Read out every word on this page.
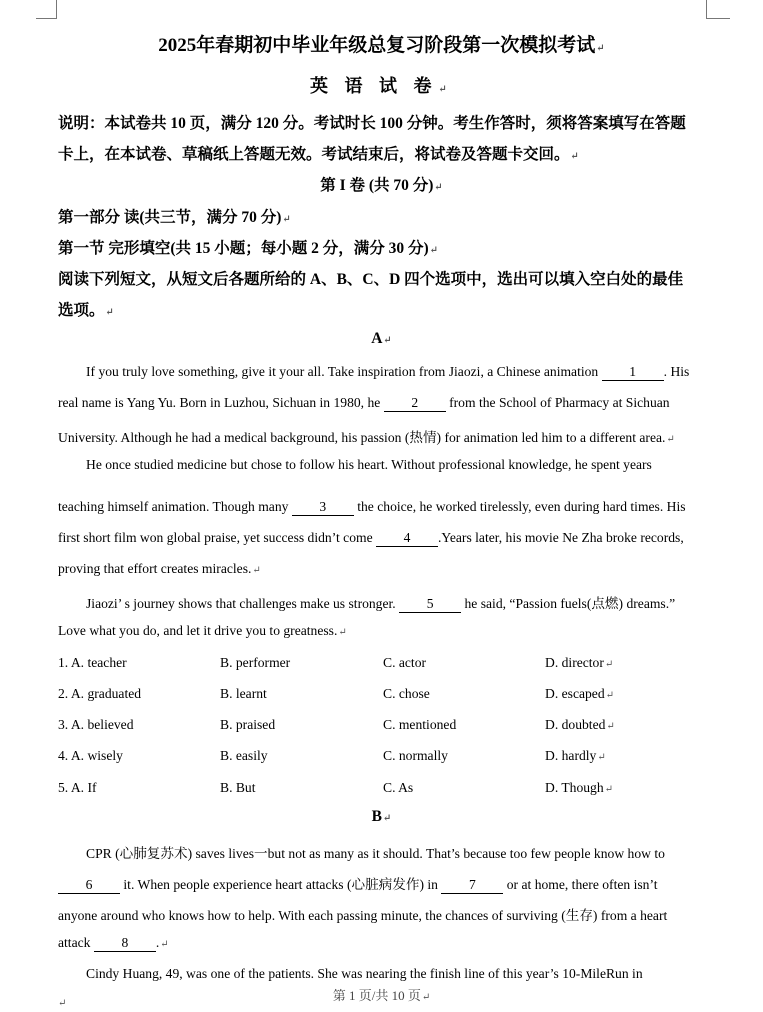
2025年春期初中毕业年级总复习阶段第一次模拟考试↵
英 语 试 卷↵
说明：本试卷共 10 页，满分 120 分。考试时长 100 分钟。考生作答时，须将答案填写在答题
卡上，在本试卷、草稿纸上答题无效。考试结束后，将试卷及答题卡交回。↵
第 I 卷 (共 70 分)↵
第一部分 读(共三节，满分 70 分)↵
第一节 完形填空(共 15 小题；每小题 2 分，满分 30 分)↵
阅读下列短文，从短文后各题所给的 A、B、C、D 四个选项中，选出可以填入空白处的最佳
选项。↵
A↵
If you truly love something, give it your all. Take inspiration from Jiaozi, a Chinese animation 1 . His
real name is Yang Yu. Born in Luzhou, Sichuan in 1980, he 2 from the School of Pharmacy at Sichuan
University. Although he had a medical background, his passion (热情) for animation led him to a different area.↵
He once studied medicine but chose to follow his heart. Without professional knowledge, he spent years
teaching himself animation. Though many 3 the choice, he worked tirelessly, even during hard times. His
first short film won global praise, yet success didn’t come 4 .Years later, his movie Ne Zha broke records,
proving that effort creates miracles.↵
Jiaozi’ s journey shows that challenges make us stronger. 5 he said, “Passion fuels(点燃) dreams.”
Love what you do, and let it drive you to greatness.↵
1. A. teacher	B. performer	C. actor	D. director↵
2. A. graduated	B. learnt	C. chose	D. escaped↵
3. A. believed	B. praised	C. mentioned	D. doubted↵
4. A. wisely	B. easily	C. normally	D. hardly↵
5. A. If	B. But	C. As	D. Though↵
B↵
CPR (心肺复苏术) saves lives一but not as many as it should. That’s because too few people know how to
6 it. When people experience heart attacks (心脏病发作) in 7 or at home, there often isn’t
anyone around who knows how to help. With each passing minute, the chances of surviving (生存) from a heart
attack 8 .↵
Cindy Huang, 49, was one of the patients. She was nearing the finish line of this year’s 10-MileRun in
第 1 页/共 10 页↵
↵
